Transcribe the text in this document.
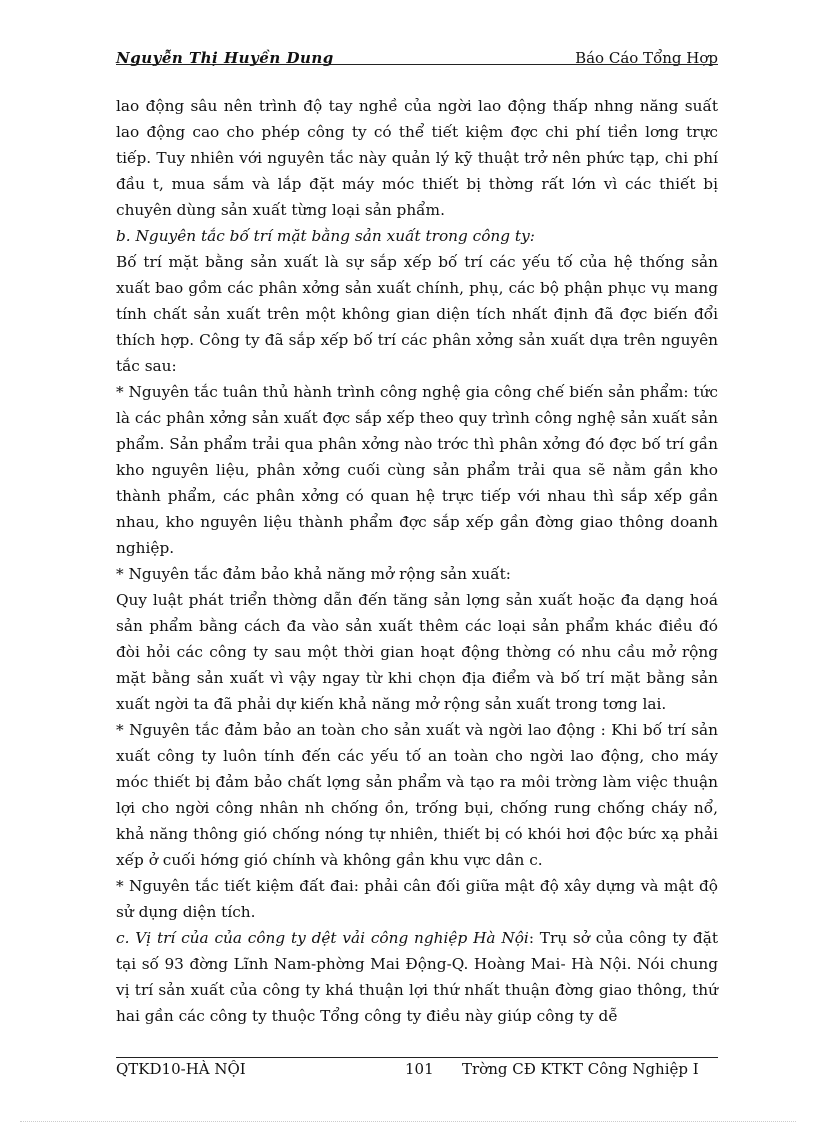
Nguyễn Thị Huyền Dung	Báo Cáo Tổng Hợp

lao động sâu nên trình độ tay nghề của ngời lao động thấp nhng năng suất lao động cao cho phép công ty có thể tiết kiệm đợc chi phí tiền lơng trực tiếp. Tuy nhiên với nguyên tắc này quản lý kỹ thuật trở nên phức tạp, chi phí đầu t, mua sắm và lắp đặt máy móc thiết bị thờng rất lớn vì các thiết bị chuyên dùng sản xuất từng loại sản phẩm.

b. Nguyên tắc bố trí mặt bằng sản xuất trong công ty:

Bố trí mặt bằng sản xuất là sự sắp xếp bố trí các yếu tố của hệ thống sản xuất bao gồm các phân xởng sản xuất chính, phụ, các bộ phận phục vụ mang tính chất sản xuất trên một không gian diện tích nhất định đã đợc biến đổi thích hợp. Công ty đã sắp xếp bố trí các phân xởng sản xuất dựa trên nguyên tắc sau:

* Nguyên tắc tuân thủ hành trình công nghệ gia công chế biến sản phẩm: tức là các phân xởng sản xuất đợc sắp xếp theo quy trình công nghệ sản xuất sản phẩm. Sản phẩm trải qua phân xởng nào trớc thì phân xởng đó đợc bố trí gần kho nguyên liệu, phân xởng cuối cùng sản phẩm trải qua sẽ nằm gần kho thành phẩm, các phân xởng có quan hệ trực tiếp với nhau thì sắp xếp gần nhau, kho nguyên liệu thành phẩm đợc sắp xếp gần đờng giao thông doanh nghiệp.

* Nguyên tắc đảm bảo khả năng mở rộng sản xuất:

Quy luật phát triển thờng dẫn đến tăng sản lợng sản xuất hoặc đa dạng hoá sản phẩm bằng cách đa vào sản xuất thêm các loại sản phẩm khác điều đó đòi hỏi các công ty sau một thời gian hoạt động thờng có nhu cầu mở rộng mặt bằng sản xuất vì vậy ngay từ khi chọn địa điểm và bố trí mặt bằng sản xuất ngời ta đã phải dự kiến khả năng mở rộng sản xuất trong tơng lai.

* Nguyên tắc đảm bảo an toàn cho sản xuất và ngời lao động : Khi bố trí sản xuất công ty luôn tính đến các yếu tố an toàn cho ngời lao động, cho máy móc thiết bị đảm bảo chất lợng sản phẩm và tạo ra môi trờng làm việc thuận lợi cho ngời công nhân nh chống ồn, trống bụi, chống rung chống cháy nổ, khả năng thông gió chống nóng tự nhiên, thiết bị có khói hơi độc bức xạ phải xếp ở cuối hớng gió chính và không gần khu vực dân c.

* Nguyên tắc tiết kiệm đất đai: phải cân đối giữa mật độ xây dựng và mật độ sử dụng diện tích.

c. Vị trí của của công ty dệt vải công nghiệp Hà Nội: Trụ sở của công ty đặt tại số 93 đờng Lĩnh Nam-phờng Mai Động-Q. Hoàng Mai- Hà Nội. Nói chung vị trí sản xuất của công ty khá thuận lợi thứ nhất thuận đờng giao thông, thứ hai gần các công ty thuộc Tổng công ty điều này giúp công ty dễ

QTKD10-HÀ NỘI	101 Trờng CĐ KTKT Công Nghiệp I
